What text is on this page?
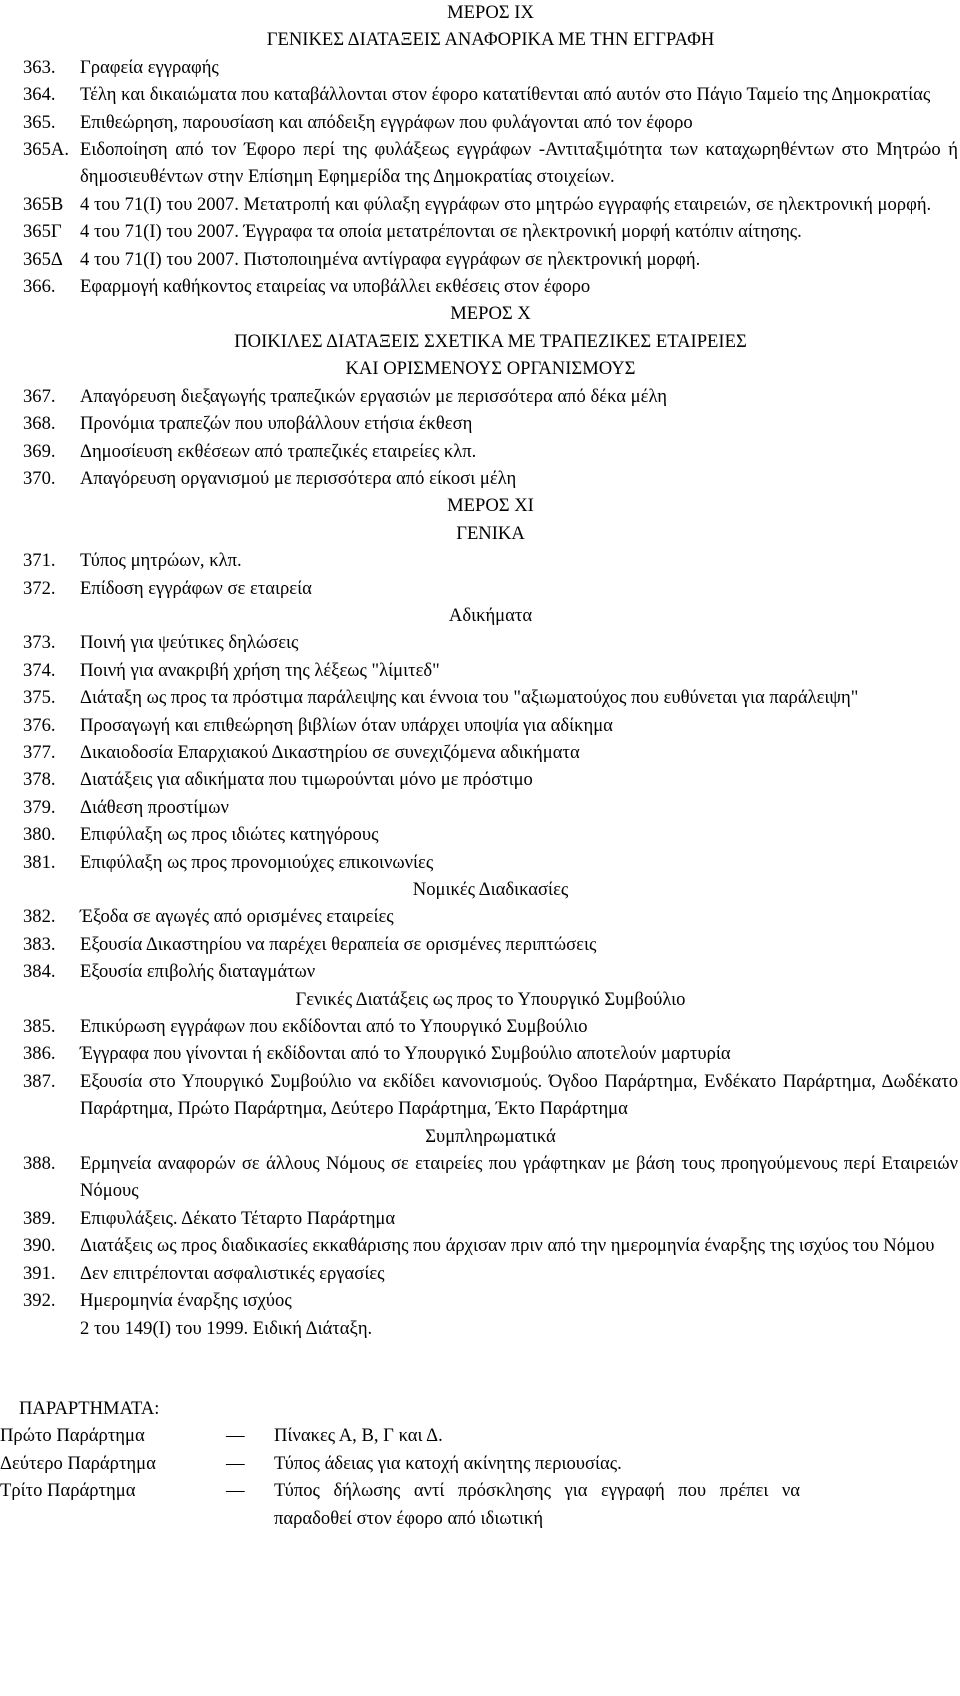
ΜΕΡΟΣ ΙΧ
ΓΕΝΙΚΕΣ ΔΙΑΤΑΞΕΙΣ ΑΝΑΦΟΡΙΚΑ ΜΕ ΤΗΝ ΕΓΓΡΑΦΗ
363.	Γραφεία εγγραφής
364.	Τέλη και δικαιώματα που καταβάλλονται στον έφορο κατατίθενται από αυτόν στο Πάγιο Ταμείο της Δημοκρατίας
365.	Επιθεώρηση, παρουσίαση και απόδειξη εγγράφων που φυλάγονται από τον έφορο
365Α. Ειδοποίηση από τον Έφορο περί της φυλάξεως εγγράφων -Αντιταξιμότητα των καταχωρηθέντων στο Μητρώο ή δημοσιευθέντων στην Επίσημη Εφημερίδα της Δημοκρατίας στοιχείων.
365Β 4 του 71(Ι) του 2007. Μετατροπή και φύλαξη εγγράφων στο μητρώο εγγραφής εταιρειών, σε ηλεκτρονική μορφή.
365Γ 4 του 71(Ι) του 2007. Έγγραφα τα οποία μετατρέπονται σε ηλεκτρονική μορφή κατόπιν αίτησης.
365Δ 4 του 71(Ι) του 2007. Πιστοποιημένα αντίγραφα εγγράφων σε ηλεκτρονική μορφή.
366.	Εφαρμογή καθήκοντος εταιρείας να υποβάλλει εκθέσεις στον έφορο
ΜΕΡΟΣ Χ
ΠΟΙΚΙΛΕΣ ΔΙΑΤΑΞΕΙΣ ΣΧΕΤΙΚΑ ΜΕ ΤΡΑΠΕΖΙΚΕΣ ΕΤΑΙΡΕΙΕΣ
ΚΑΙ ΟΡΙΣΜΕΝΟΥΣ ΟΡΓΑΝΙΣΜΟΥΣ
367.	Απαγόρευση διεξαγωγής τραπεζικών εργασιών με περισσότερα από δέκα μέλη
368.	Προνόμια τραπεζών που υποβάλλουν ετήσια έκθεση
369.	Δημοσίευση εκθέσεων από τραπεζικές εταιρείες κλπ.
370.	Απαγόρευση οργανισμού με περισσότερα από είκοσι μέλη
ΜΕΡΟΣ ΧΙ
ΓΕΝΙΚΑ
371.	Τύπος μητρώων, κλπ.
372.	Επίδοση εγγράφων σε εταιρεία
Αδικήματα
373.	Ποινή για ψεύτικες δηλώσεις
374.	Ποινή για ανακριβή χρήση της λέξεως "λίμιτεδ"
375.	Διάταξη ως προς τα πρόστιμα παράλειψης και έννοια του "αξιωματούχος που ευθύνεται για παράλειψη"
376.	Προσαγωγή και επιθεώρηση βιβλίων όταν υπάρχει υποψία για αδίκημα
377.	Δικαιοδοσία Επαρχιακού Δικαστηρίου σε συνεχιζόμενα αδικήματα
378.	Διατάξεις για αδικήματα που τιμωρούνται μόνο με πρόστιμο
379.	Διάθεση προστίμων
380.	Επιφύλαξη ως προς ιδιώτες κατηγόρους
381.	Επιφύλαξη ως προς προνομιούχες επικοινωνίες
Νομικές Διαδικασίες
382.	Έξοδα σε αγωγές από ορισμένες εταιρείες
383.	Εξουσία Δικαστηρίου να παρέχει θεραπεία σε ορισμένες περιπτώσεις
384.	Εξουσία επιβολής διαταγμάτων
Γενικές Διατάξεις ως προς το Υπουργικό Συμβούλιο
385.	Επικύρωση εγγράφων που εκδίδονται από το Υπουργικό Συμβούλιο
386.	Έγγραφα που γίνονται ή εκδίδονται από το Υπουργικό Συμβούλιο αποτελούν μαρτυρία
387.	Εξουσία στο Υπουργικό Συμβούλιο να εκδίδει κανονισμούς. Όγδοο Παράρτημα, Ενδέκατο Παράρτημα, Δωδέκατο Παράρτημα, Πρώτο Παράρτημα, Δεύτερο Παράρτημα, Έκτο Παράρτημα
Συμπληρωματικά
388.	Ερμηνεία αναφορών σε άλλους Νόμους σε εταιρείες που γράφτηκαν με βάση τους προηγούμενους περί Εταιρειών Νόμους
389.	Επιφυλάξεις. Δέκατο Τέταρτο Παράρτημα
390.	Διατάξεις ως προς διαδικασίες εκκαθάρισης που άρχισαν πριν από την ημερομηνία έναρξης της ισχύος του Νόμου
391.	Δεν επιτρέπονται ασφαλιστικές εργασίες
392.	Ημερομηνία έναρξης ισχύος
2 του 149(Ι) του 1999. Ειδική Διάταξη.
ΠΑΡΑΡΤΗΜΑΤΑ:
Πρώτο Παράρτημα	—	Πίνακες Α, Β, Γ και Δ.
Δεύτερο Παράρτημα	—	Τύπος άδειας για κατοχή ακίνητης περιουσίας.
Τρίτο Παράρτημα	—	Τύπος δήλωσης αντί πρόσκλησης για εγγραφή που πρέπει να παραδοθεί στον έφορο από ιδιωτική
